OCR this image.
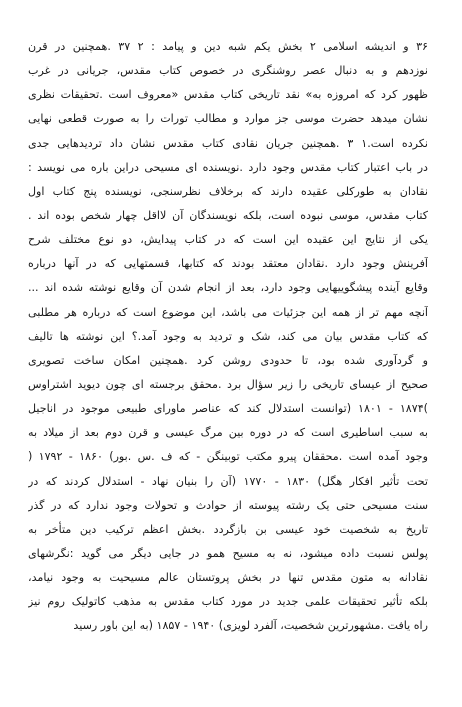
۳۶ و اندیشه اسلامی ۲ بخش یکم شبه دین و پیامد : ۲ ۳۷ .همچنین در قرن
نوزدهم و به دنبال عصر روشنگری در خصوص کتاب مقدس، جریانی در غرب
ظهور کرد که امروزه به» نقد تاریخی کتاب مقدس «معروف است .تحقیقات نظری
نشان میدهد حضرت موسی جز موارد و مطالب تورات را به صورت قطعی نهایی
نکرده است.۱ ۳ .همچنین جریان نقادی کتاب مقدس نشان داد تردیدهایی جدی
در باب اعتبار کتاب مقدس وجود دارد .نویسنده ای مسیحی دراین باره می نویسد :
نقادان به طورکلی عقیده دارند که برخلاف نظرسنجی، نویسنده پنج کتاب اول
کتاب مقدس، موسی نبوده است، بلکه نویسندگان آن لااقل چهار شخص بوده اند .
یکی از نتایج این عقیده این است که در کتاب پیدایش، دو نوع مختلف شرح
آفرینش وجود دارد .نقادان معتقد بودند که کتابها، قسمتهایی که در آنها درباره
وقایع آینده پیشگوییهایی وجود دارد، بعد از انجام شدن آن وقایع نوشته شده اند ...
آنچه مهم تر از همه این جزئیات می باشد، این موضوع است که درباره هر مطلبی
که کتاب مقدس بیان می کند، شک و تردید به وجود آمد.؟ این نوشته ها تالیف
و گردآوری شده بود، تا حدودی روشن کرد .همچنین امکان ساخت تصویری
صحیح از عیسای تاریخی را زیر سؤال برد .محقق برجسته ای چون دیوید اشتراوس
)۱۸۷۴ - ۱۸۰۱ (توانست استدلال کند که عناصر ماورای طبیعی موجود در اناجیل
به سبب اساطیری است که در دوره بین مرگ عیسی و قرن دوم بعد از میلاد به
وجود آمده است .محققان پیرو مکتب توبینگن - که ف .س .بور) ۱۸۶۰ - ۱۷۹۲ (
تحت تأثیر افکار هگل) ۱۸۳۰ - ۱۷۷۰ (آن را بنیان نهاد - استدلال کردند که در
سنت مسیحی حتی یک رشته پیوسته از حوادث و تحولات وجود ندارد که در گذر
تاریخ به شخصیت خود عیسی بن بازگردد .بخش اعظم ترکیب دین متأخر به
پولس نسبت داده میشود، نه به مسیح همو در جایی دیگر می گوید :نگرشهای
نقادانه به متون مقدس تنها در بخش پروتستان عالم مسیحیت به وجود نیامد،
بلکه تأثیر تحقیقات علمی جدید در مورد کتاب مقدس به مذهب کاتولیک روم نیز
راه یافت .مشهورترین شخصیت، آلفرد لویزی) ۱۹۴۰ - ۱۸۵۷ (به این باور رسید
